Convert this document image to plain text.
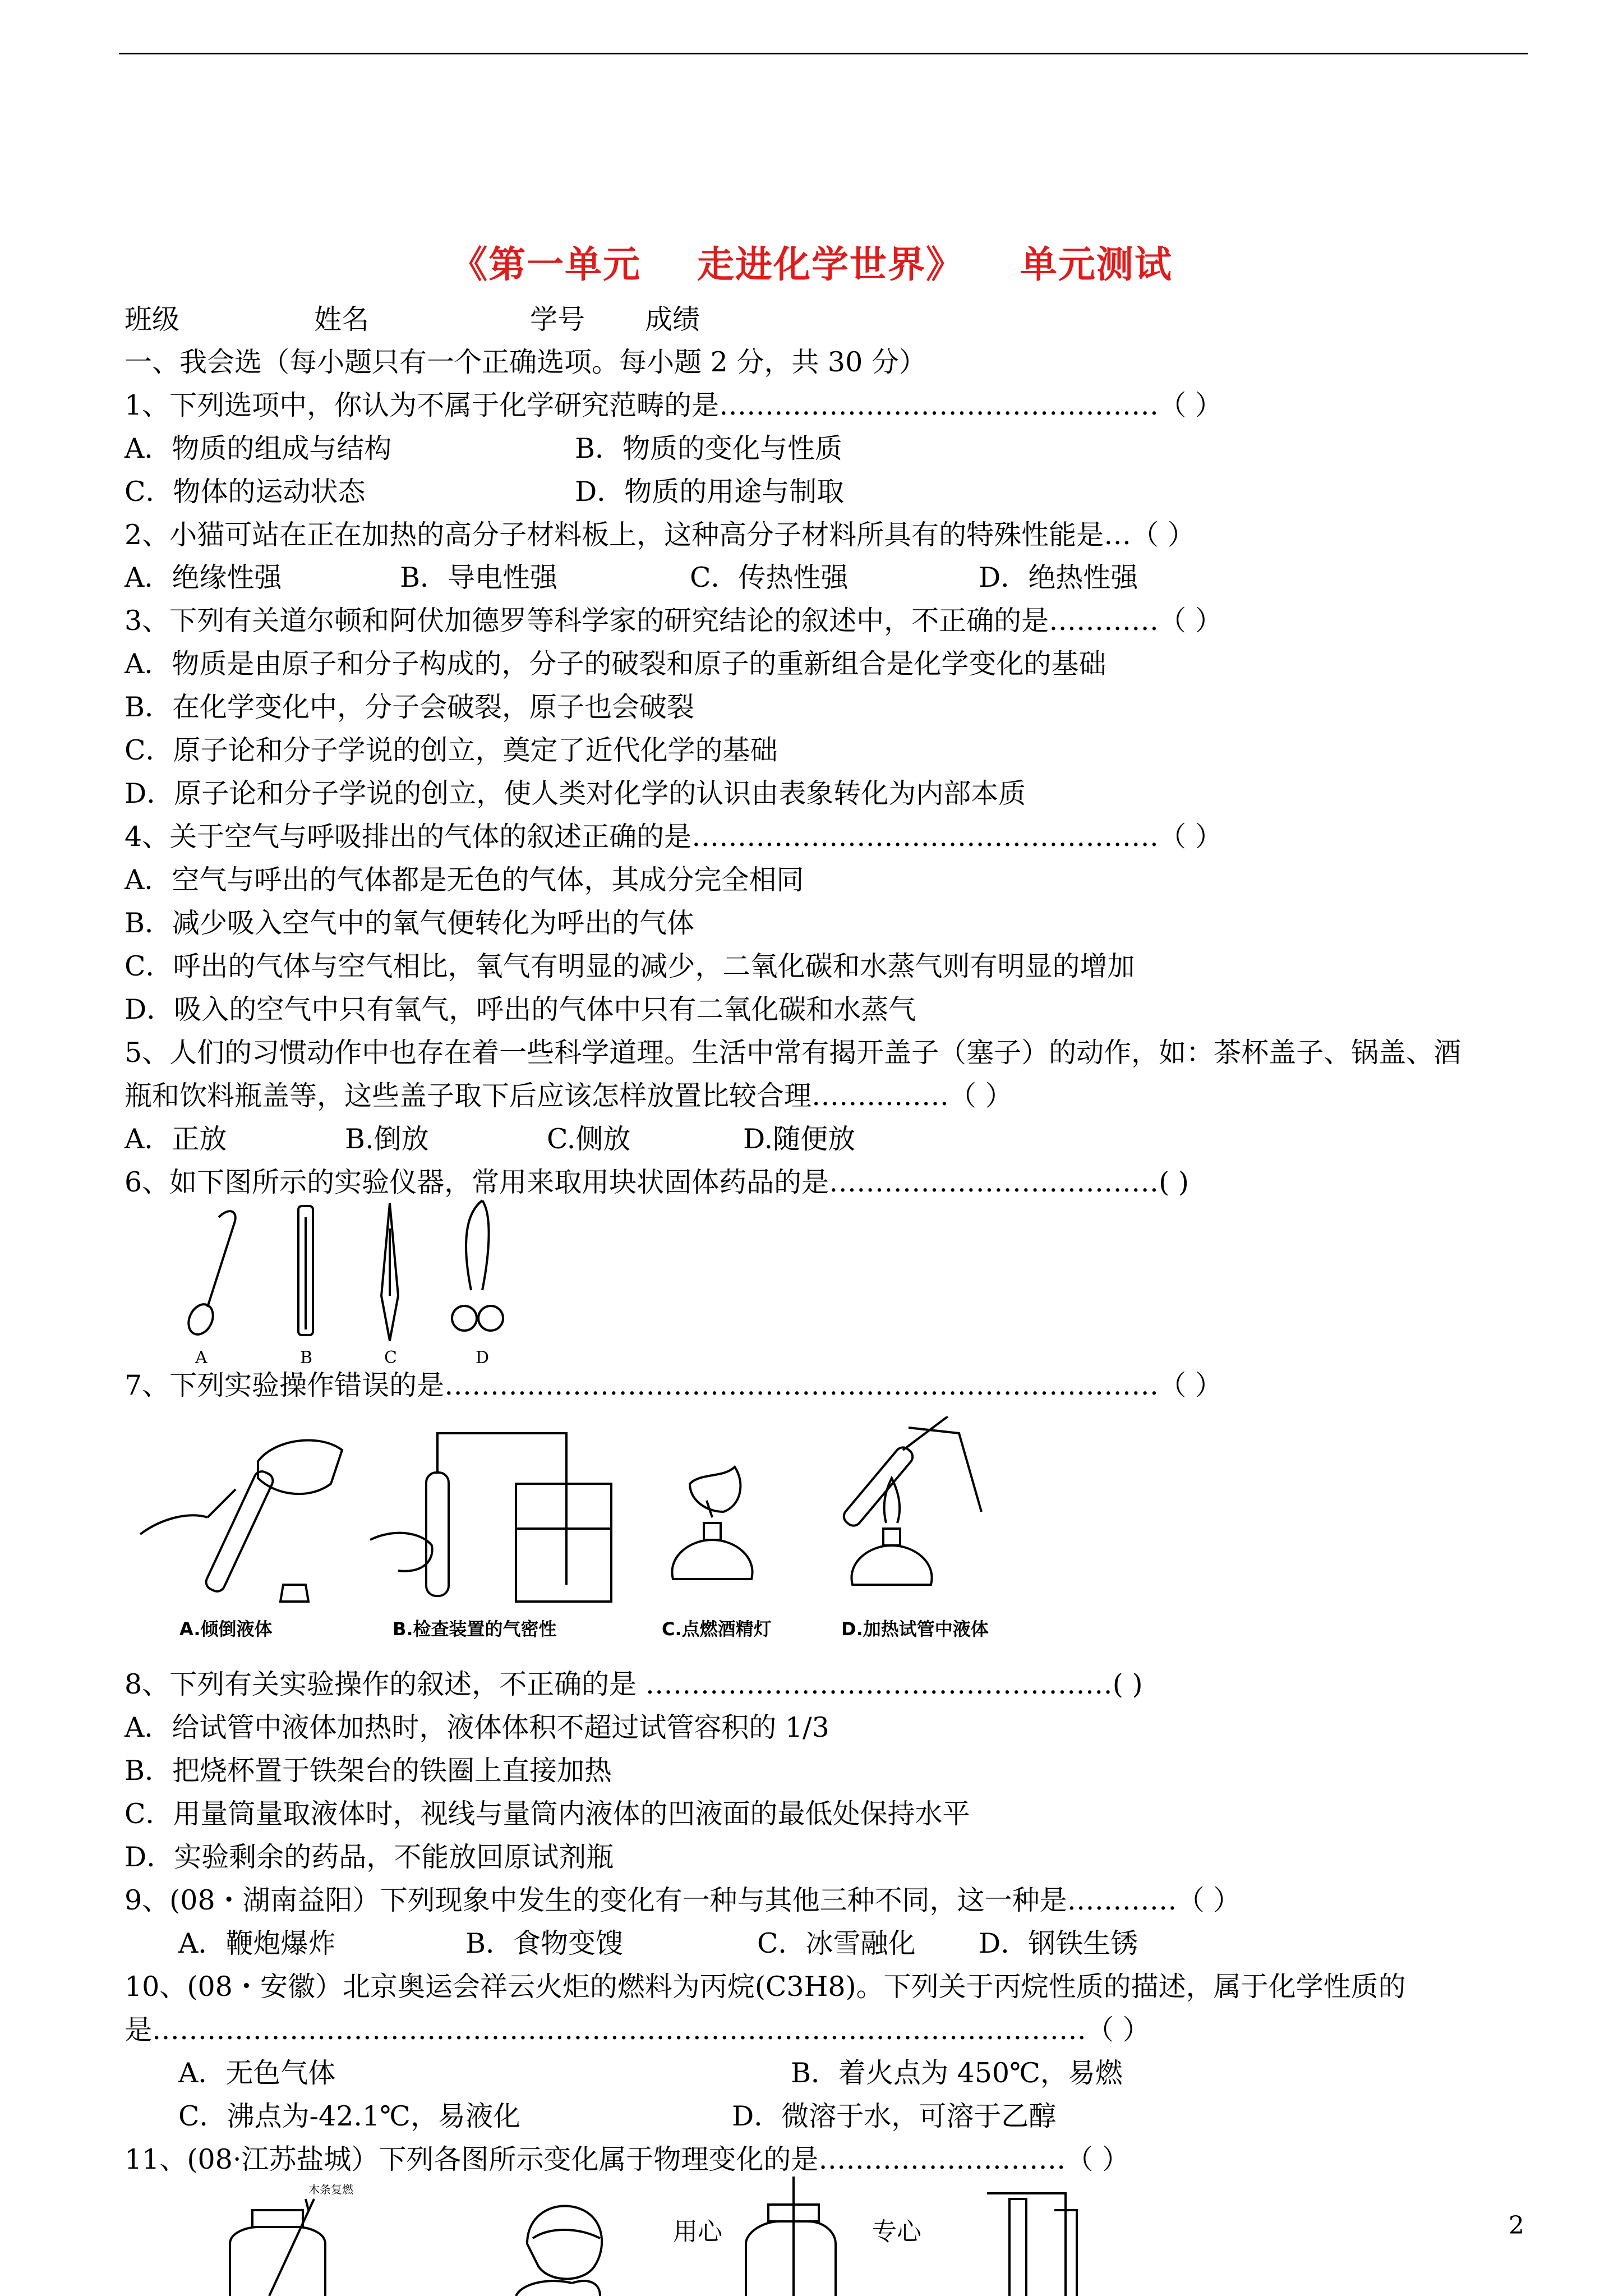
《第一单元    走进化学世界》    单元测试
班级	姓名	学号 成绩
一、我会选（每小题只有一个正确选项。每小题 2 分，共 30 分）
1、下列选项中，你认为不属于化学研究范畴的是…………………………………………（ ）
A．物质的组成与结构	B．物质的变化与性质
C．物体的运动状态	D．物质的用途与制取
2、小猫可站在正在加热的高分子材料板上，这种高分子材料所具有的特殊性能是…（ ）
A．绝缘性强	B．导电性强	C．传热性强	D．绝热性强
3、下列有关道尔顿和阿伏加德罗等科学家的研究结论的叙述中，不正确的是…………（ ）
A．物质是由原子和分子构成的，分子的破裂和原子的重新组合是化学变化的基础
B．在化学变化中，分子会破裂，原子也会破裂
C．原子论和分子学说的创立，奠定了近代化学的基础
D．原子论和分子学说的创立，使人类对化学的认识由表象转化为内部本质
4、关于空气与呼吸排出的气体的叙述正确的是……………………………………………（ ）
A．空气与呼出的气体都是无色的气体，其成分完全相同
B．减少吸入空气中的氧气便转化为呼出的气体
C．呼出的气体与空气相比，氧气有明显的减少，二氧化碳和水蒸气则有明显的增加
D．吸入的空气中只有氧气，呼出的气体中只有二氧化碳和水蒸气
5、人们的习惯动作中也存在着一些科学道理。生活中常有揭开盖子（塞子）的动作，如：茶杯盖子、锅盖、酒
瓶和饮料瓶盖等，这些盖子取下后应该怎样放置比较合理……………（ ）
A．正放	B.倒放	C.侧放	D.随便放
6、如下图所示的实验仪器，常用来取用块状固体药品的是………………………………( )
A	B	C	D
7、下列实验操作错误的是……………………………………………………………………（ ）
A.倾倒液体	B.检查装置的气密性	C.点燃酒精灯	D.加热试管中液体
8、下列有关实验操作的叙述，不正确的是 ……………………………………………( )
A．给试管中液体加热时，液体体积不超过试管容积的 1/3
B．把烧杯置于铁架台的铁圈上直接加热
C．用量筒量取液体时，视线与量筒内液体的凹液面的最低处保持水平
D．实验剩余的药品，不能放回原试剂瓶
9、(08・湖南益阳）下列现象中发生的变化有一种与其他三种不同，这一种是…………（ ）
A．鞭炮爆炸	B．食物变馊	C．冰雪融化 D．钢铁生锈
10、(08・安徽）北京奥运会祥云火炬的燃料为丙烷(C3H8)。下列关于丙烷性质的描述，属于化学性质的
是…………………………………………………………………………………………（ ）
A．无色气体	B．着火点为 450℃，易燃
C．沸点为-42.1℃，易液化	D．微溶于水，可溶于乙醇
11、(08·江苏盐城）下列各图所示变化属于物理变化的是………………………（ ）
木条复燃
用心	专心	2
